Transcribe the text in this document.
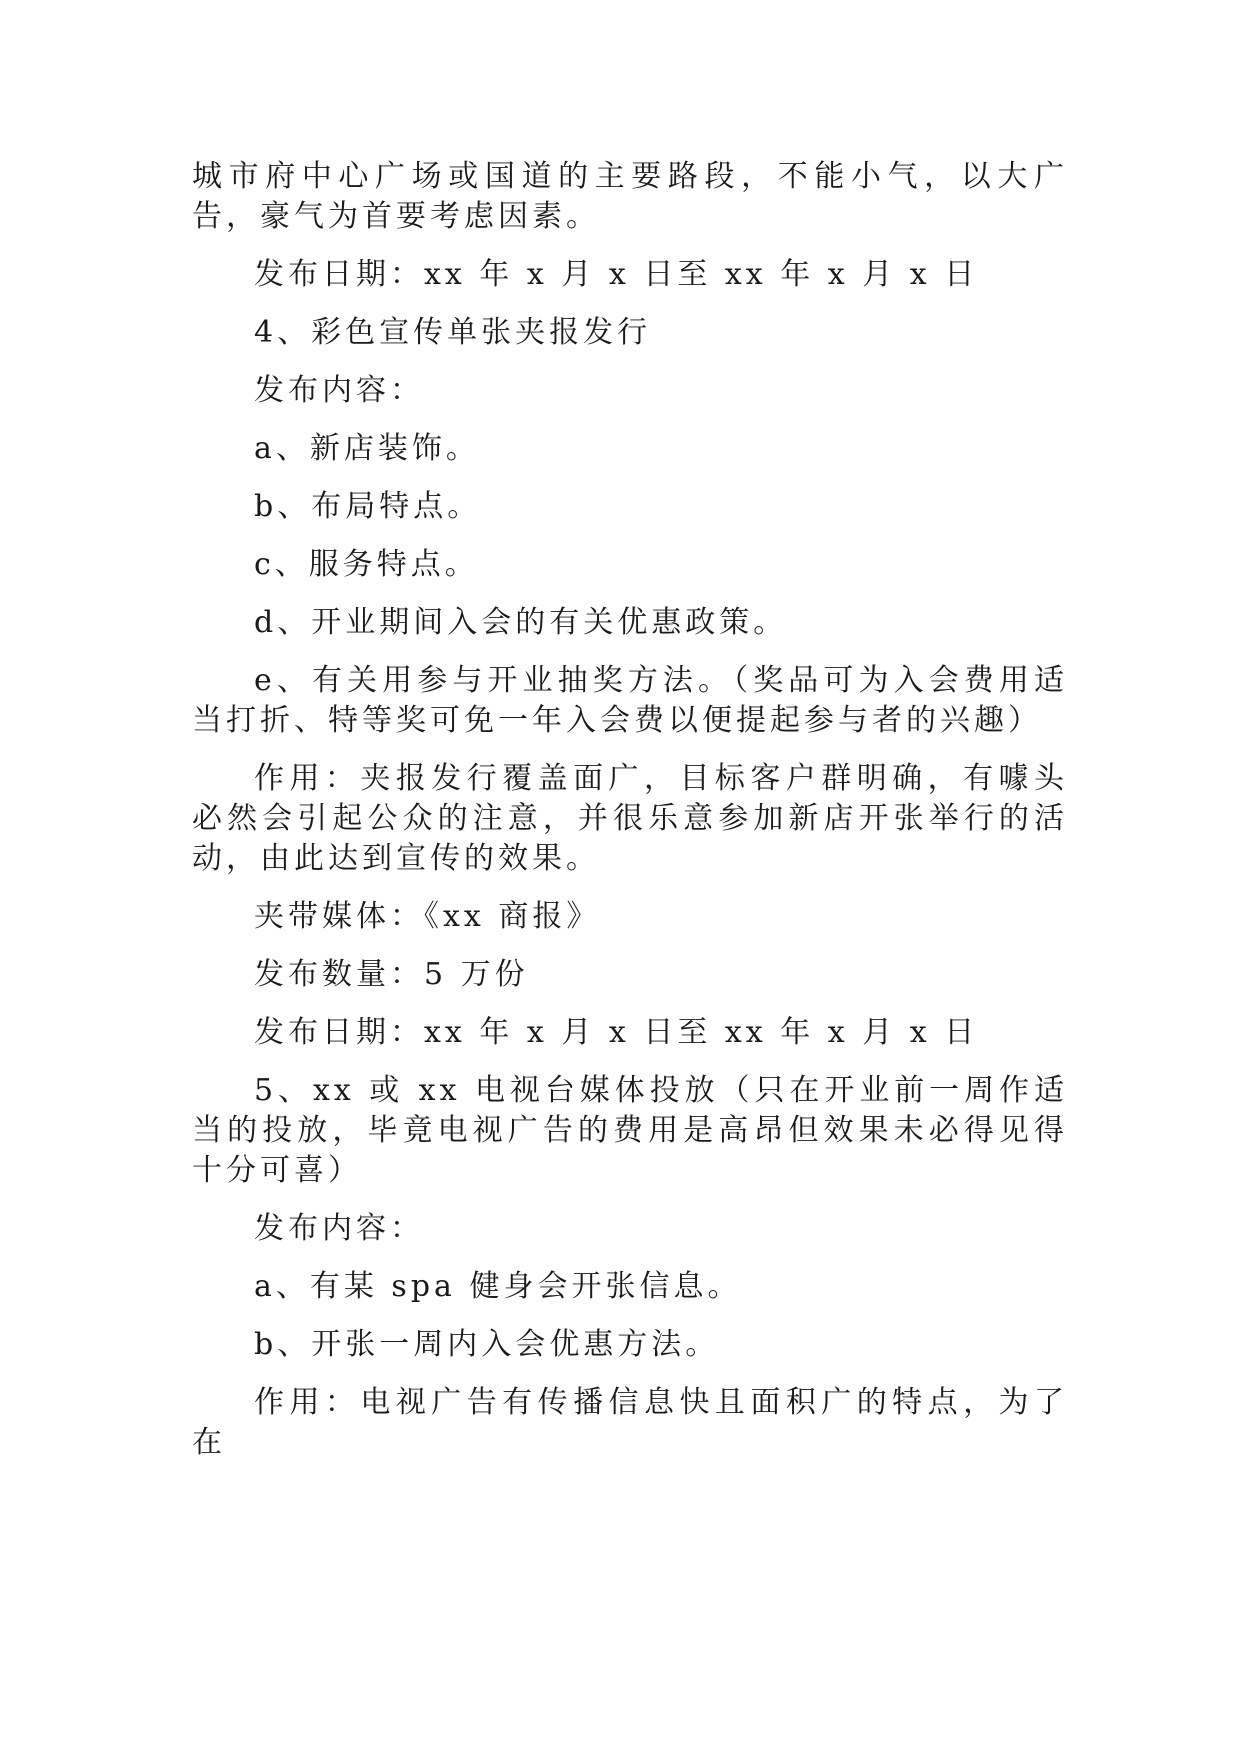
城市府中心广场或国道的主要路段，不能小气，以大广告，豪气为首要考虑因素。

发布日期：xx 年 x 月 x 日至 xx 年 x 月 x 日

4、彩色宣传单张夹报发行

发布内容：

a、新店装饰。

b、布局特点。

c、服务特点。

d、开业期间入会的有关优惠政策。

e、有关用参与开业抽奖方法。（奖品可为入会费用适当打折、特等奖可免一年入会费以便提起参与者的兴趣）

作用：夹报发行覆盖面广，目标客户群明确，有噱头必然会引起公众的注意，并很乐意参加新店开张举行的活动，由此达到宣传的效果。

夹带媒体：《xx 商报》

发布数量：5 万份

发布日期：xx 年 x 月 x 日至 xx 年 x 月 x 日

5、xx 或 xx 电视台媒体投放（只在开业前一周作适当的投放，毕竟电视广告的费用是高昂但效果未必得见得十分可喜）

发布内容：

a、有某 spa 健身会开张信息。

b、开张一周内入会优惠方法。

作用：电视广告有传播信息快且面积广的特点，为了在
